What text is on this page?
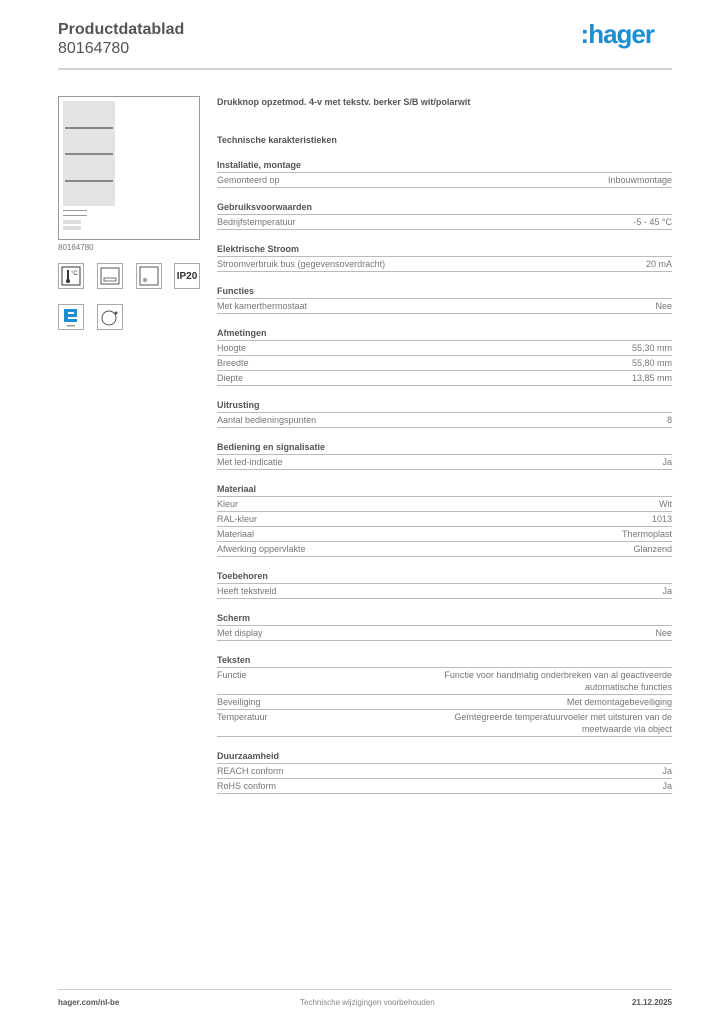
Productdatablad
80164780	:hager
80164780
°C	IP20
Drukknop opzetmod. 4-v met tekstv. berker S/B wit/polarwit
Technische karakteristieken
Installatie, montage
Gemonteerd op	Inbouwmontage
Gebruiksvoorwaarden
Bedrijfstemperatuur	-5 - 45 °C
Elektrische Stroom
Stroomverbruik bus (gegevensoverdracht)	20 mA
Functies
Met kamerthermostaat	Nee
Afmetingen
Hoogte	55,30 mm
Breedte	55,80 mm
Diepte	13,85 mm
Uitrusting
Aantal bedieningspunten	8
Bediening en signalisatie
Met led-indicatie	Ja
Materiaal
Kleur	Wit
RAL-kleur	1013
Materiaal	Thermoplast
Afwerking oppervlakte	Glanzend
Toebehoren
Heeft tekstveld	Ja
Scherm
Met display	Nee
Teksten
Functie	Functie voor handmatig onderbreken van al geactiveerde automatische functies
Beveiliging	Met demontagebeveiliging
Temperatuur	Geïntegreerde temperatuurvoeler met uitsturen van de meetwaarde via object
Duurzaamheid
REACH conform	Ja
RoHS conform	Ja
hager.com/nl-be	Technische wijzigingen voorbehouden	21.12.2025
